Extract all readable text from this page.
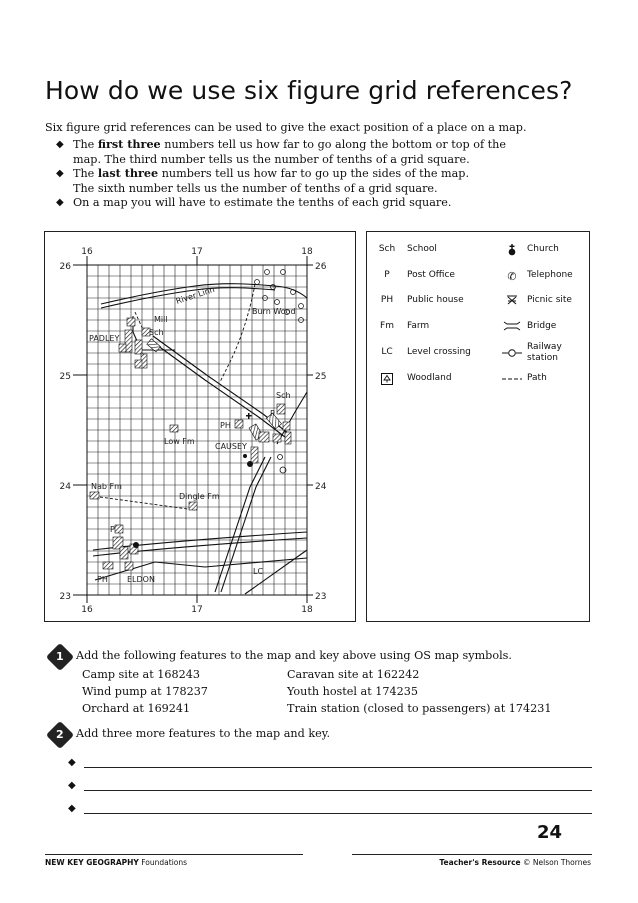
How do we use six figure grid references?
Six figure grid references can be used to give the exact position of a place on a map.
◆ The first three numbers tell us how far to go along the bottom or top of the
map. The third number tells us the number of tenths of a grid square.
◆ The last three numbers tell us how far to go up the sides of the map.
The sixth number tells us the number of tenths of a grid square.
◆ On a map you will have to estimate the tenths of each grid square.
16	17	18
16	17	18
26
25
24
23
26
25
24
23
River Linn
Burn Wood
Mill
Sch
PADLEY
Sch
P
PH
Low Fm
CAUSEY
Nab Fm
Dingle Fm
P
PH ELDON
LC
Sch	School
P	Post Office
PH	Public house
Fm	Farm
LC	Level crossing
Woodland
Church
✆	Telephone
Picnic site
Bridge
Railway
station
Path
1	Add the following features to the map and key above using OS map symbols.
Camp site at 168243	Caravan site at 162242
Wind pump at 178237	Youth hostel at 174235
Orchard at 169241	Train station (closed to passengers) at 174231
2	Add three more features to the map and key.
◆
◆
◆
24
NEW KEY GEOGRAPHY Foundations	Teacher's Resource © Nelson Thornes
